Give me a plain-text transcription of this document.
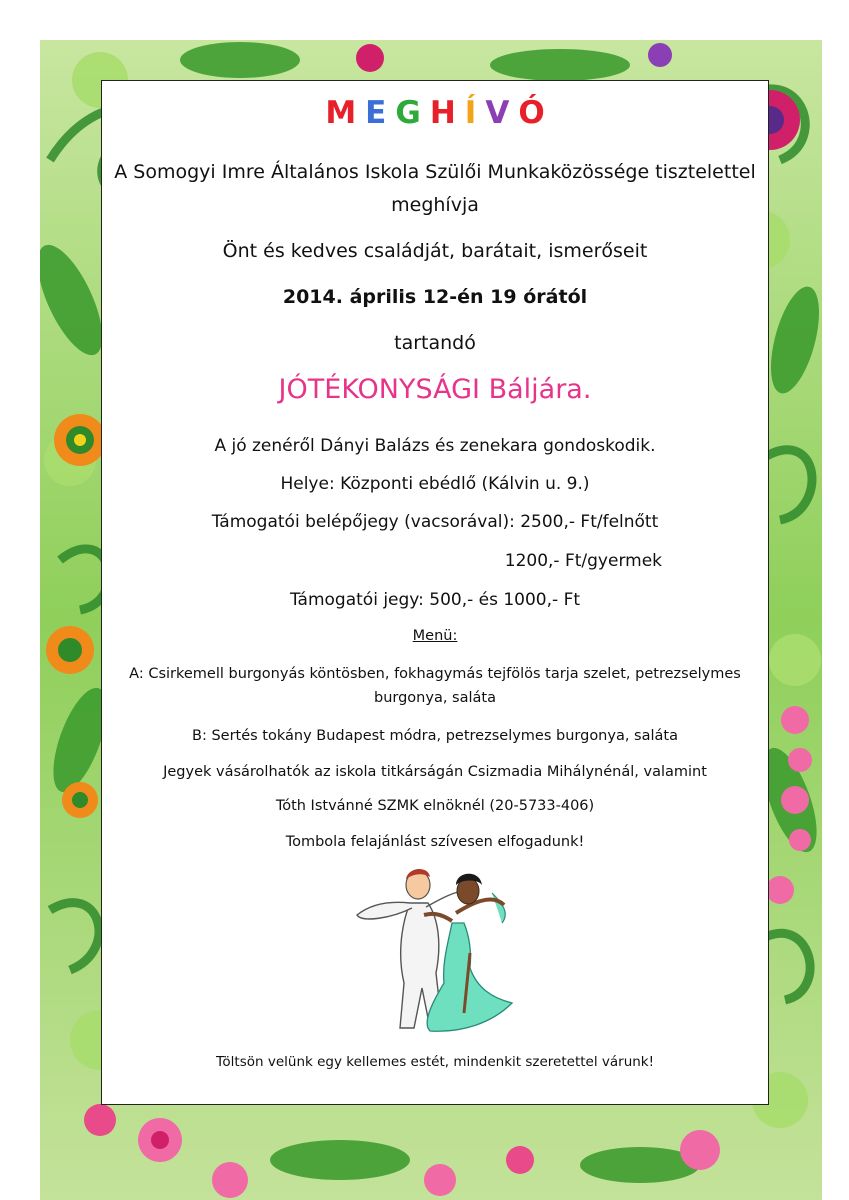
MEGHÍVÓ
A Somogyi Imre Általános Iskola Szülői Munkaközössége tisztelettel
meghívja
Önt és kedves családját, barátait, ismerőseit
2014. április 12-én 19 órától
tartandó
JÓTÉKONYSÁGI Báljára.
A jó zenéről Dányi Balázs és zenekara gondoskodik.
Helye: Központi ebédlő (Kálvin u. 9.)
Támogatói belépőjegy (vacsorával): 2500,- Ft/felnőtt
1200,- Ft/gyermek
Támogatói jegy: 500,- és 1000,- Ft
Menü:
A: Csirkemell burgonyás köntösben, fokhagymás tejfölös tarja szelet, petrezselymes
burgonya, saláta
B: Sertés tokány Budapest módra, petrezselymes burgonya, saláta
Jegyek vásárolhatók az iskola titkárságán Csizmadia Mihálynénál, valamint
Tóth Istvánné SZMK elnöknél (20-5733-406)
Tombola felajánlást szívesen elfogadunk!
Töltsön velünk egy kellemes estét, mindenkit szeretettel várunk!
